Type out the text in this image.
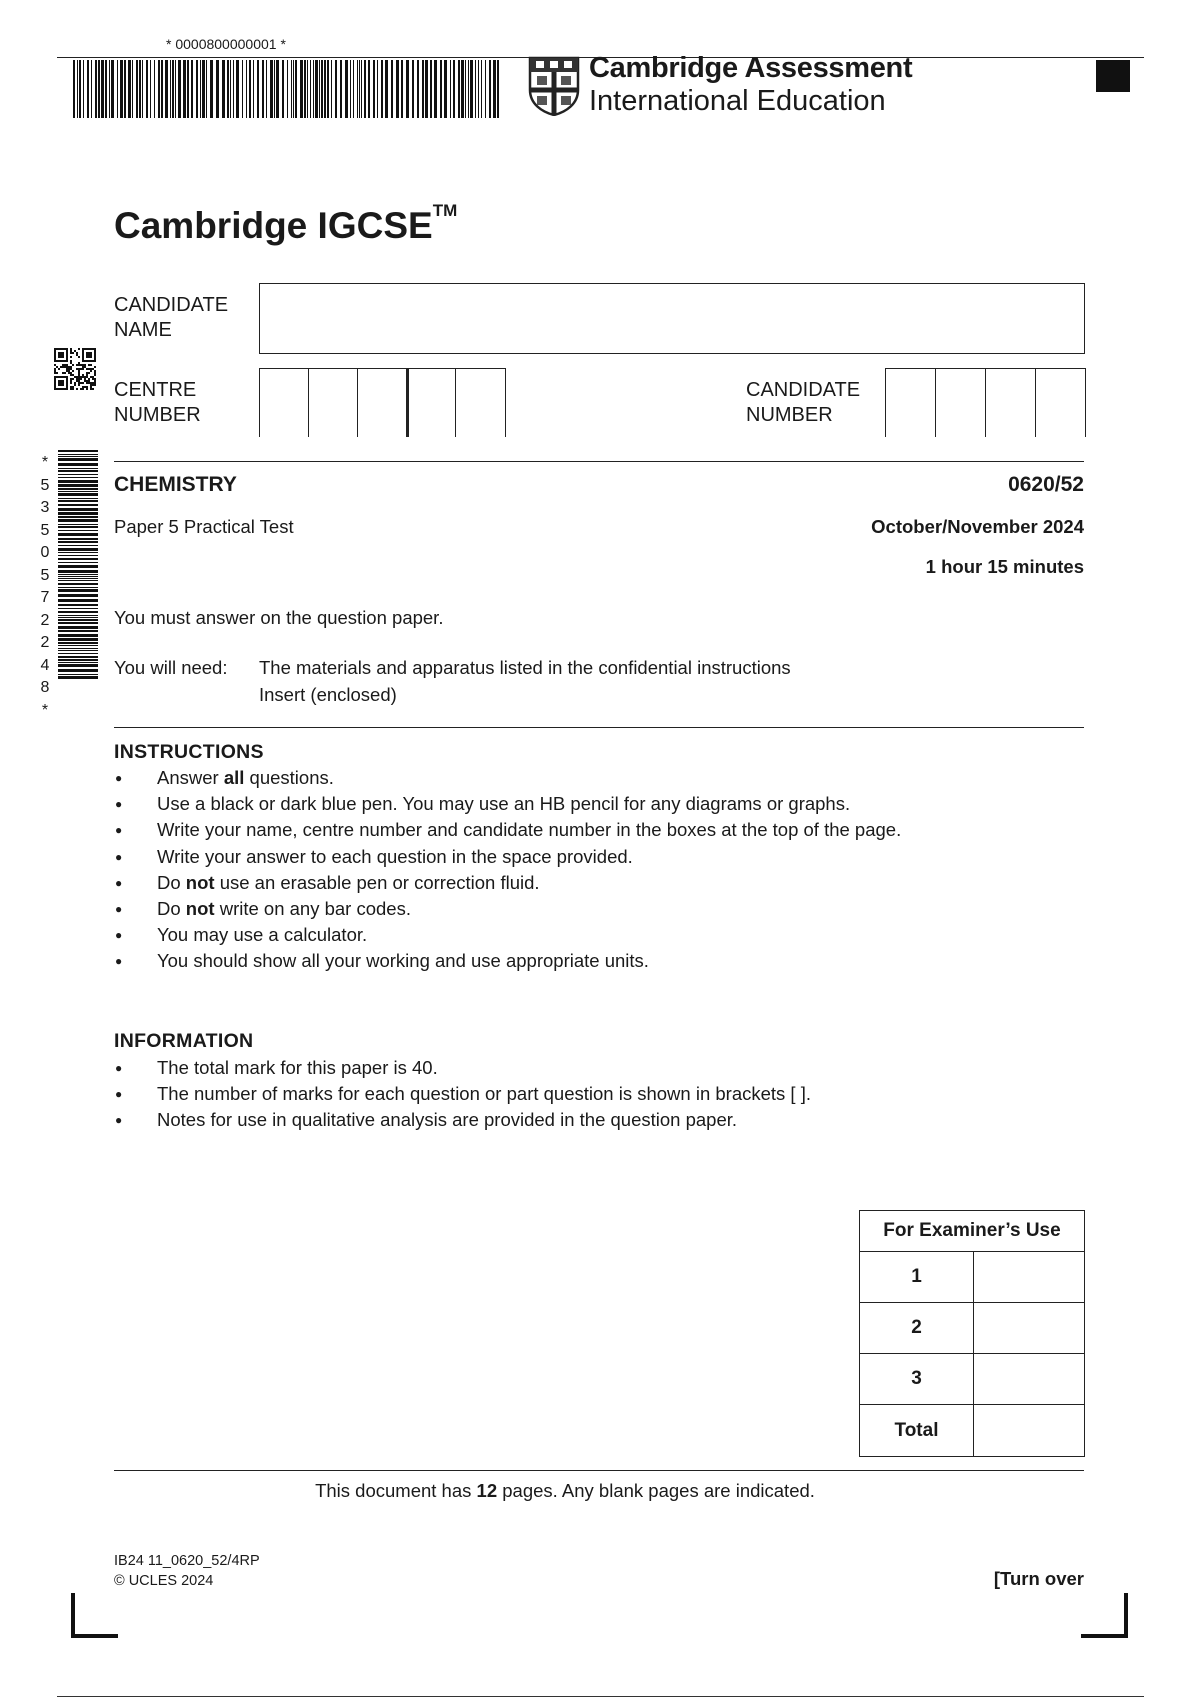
* 0000800000001 *
Cambridge Assessment
International Education
Cambridge IGCSE™
CANDIDATE
NAME
CENTRE
NUMBER
CANDIDATE
NUMBER
*
5
3
5
0
5
7
2
2
4
8
*
CHEMISTRY	0620/52
Paper 5 Practical Test	October/November 2024
1 hour 15 minutes
You must answer on the question paper.
You will need: The materials and apparatus listed in the confidential instructions
Insert (enclosed)
INSTRUCTIONS
● Answer all questions.
● Use a black or dark blue pen. You may use an HB pencil for any diagrams or graphs.
● Write your name, centre number and candidate number in the boxes at the top of the page.
● Write your answer to each question in the space provided.
● Do not use an erasable pen or correction fluid.
● Do not write on any bar codes.
● You may use a calculator.
● You should show all your working and use appropriate units.
INFORMATION
● The total mark for this paper is 40.
● The number of marks for each question or part question is shown in brackets [ ].
● Notes for use in qualitative analysis are provided in the question paper.
For Examiner’s Use	
1	
2	
3	
Total	
This document has 12 pages. Any blank pages are indicated.
IB24 11_0620_52/4RP
© UCLES 2024	[Turn over
